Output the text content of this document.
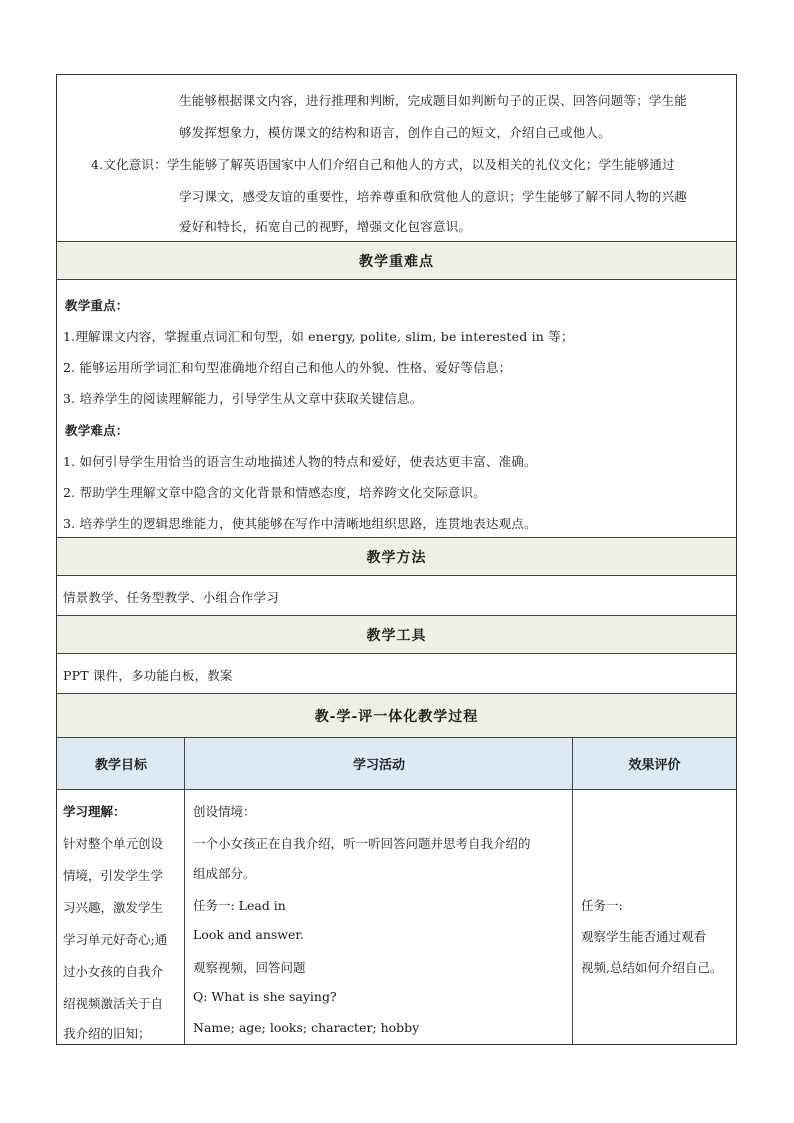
生能够根据课文内容，进行推理和判断，完成题目如判断句子的正误、回答问题等；学生能
够发挥想象力，模仿课文的结构和语言，创作自己的短文，介绍自己或他人。
4.文化意识：学生能够了解英语国家中人们介绍自己和他人的方式，以及相关的礼仪文化；学生能够通过
学习课文，感受友谊的重要性，培养尊重和欣赏他人的意识；学生能够了解不同人物的兴趣
爱好和特长，拓宽自己的视野，增强文化包容意识。
教学重难点
教学重点：
1.理解课文内容，掌握重点词汇和句型，如 energy, polite, slim, be interested in 等；
2. 能够运用所学词汇和句型准确地介绍自己和他人的外貌、性格、爱好等信息；
3. 培养学生的阅读理解能力，引导学生从文章中获取关键信息。
教学难点：
1. 如何引导学生用恰当的语言生动地描述人物的特点和爱好，使表达更丰富、准确。
2. 帮助学生理解文章中隐含的文化背景和情感态度，培养跨文化交际意识。
3. 培养学生的逻辑思维能力，使其能够在写作中清晰地组织思路，连贯地表达观点。
教学方法
情景教学、任务型教学、小组合作学习
教学工具
PPT 课件，多功能白板，教案
教-学-评一体化教学过程
教学目标	学习活动	效果评价
学习理解：
针对整个单元创设
情境，引发学生学
习兴趣，激发学生
学习单元好奇心;通
过小女孩的自我介
绍视频激活关于自
我介绍的旧知；
创设情境：
一个小女孩正在自我介绍，听一听回答问题并思考自我介绍的
组成部分。
任务一: Lead in
Look and answer.
观察视频，回答问题
Q: What is she saying?
Name; age; looks; character; hobby
任务一:
观察学生能否通过观看
视频,总结如何介绍自己。
